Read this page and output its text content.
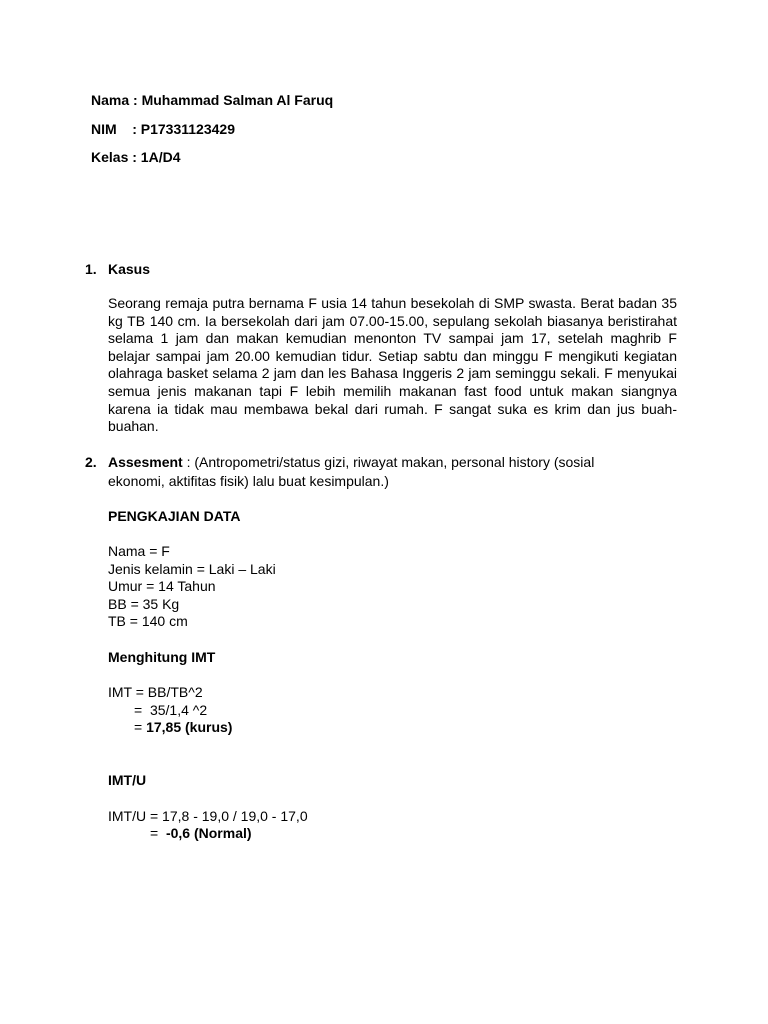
Nama : Muhammad Salman Al Faruq
NIM    : P17331123429
Kelas : 1A/D4
1. Kasus
Seorang remaja putra bernama F usia 14 tahun besekolah di SMP swasta. Berat badan 35 kg TB 140 cm. Ia bersekolah dari jam 07.00-15.00, sepulang sekolah biasanya beristirahat selama 1 jam dan makan kemudian menonton TV sampai jam 17, setelah maghrib F belajar sampai jam 20.00 kemudian tidur. Setiap sabtu dan minggu F mengikuti kegiatan olahraga basket selama 2 jam dan les Bahasa Inggeris 2 jam seminggu sekali. F menyukai semua jenis makanan tapi F lebih memilih makanan fast food untuk makan siangnya karena ia tidak mau membawa bekal dari rumah. F sangat suka es krim dan jus buah-buahan.
2. Assesment : (Antropometri/status gizi, riwayat makan, personal history (sosial
ekonomi, aktifitas fisik) lalu buat kesimpulan.)
PENGKAJIAN DATA
Nama = F
Jenis kelamin = Laki – Laki
Umur = 14 Tahun
BB = 35 Kg
TB = 140 cm
Menghitung IMT
IMT = BB/TB^2
=  35/1,4 ^2
= 17,85 (kurus)
IMT/U
IMT/U = 17,8 - 19,0 / 19,0 - 17,0
=  -0,6 (Normal)
